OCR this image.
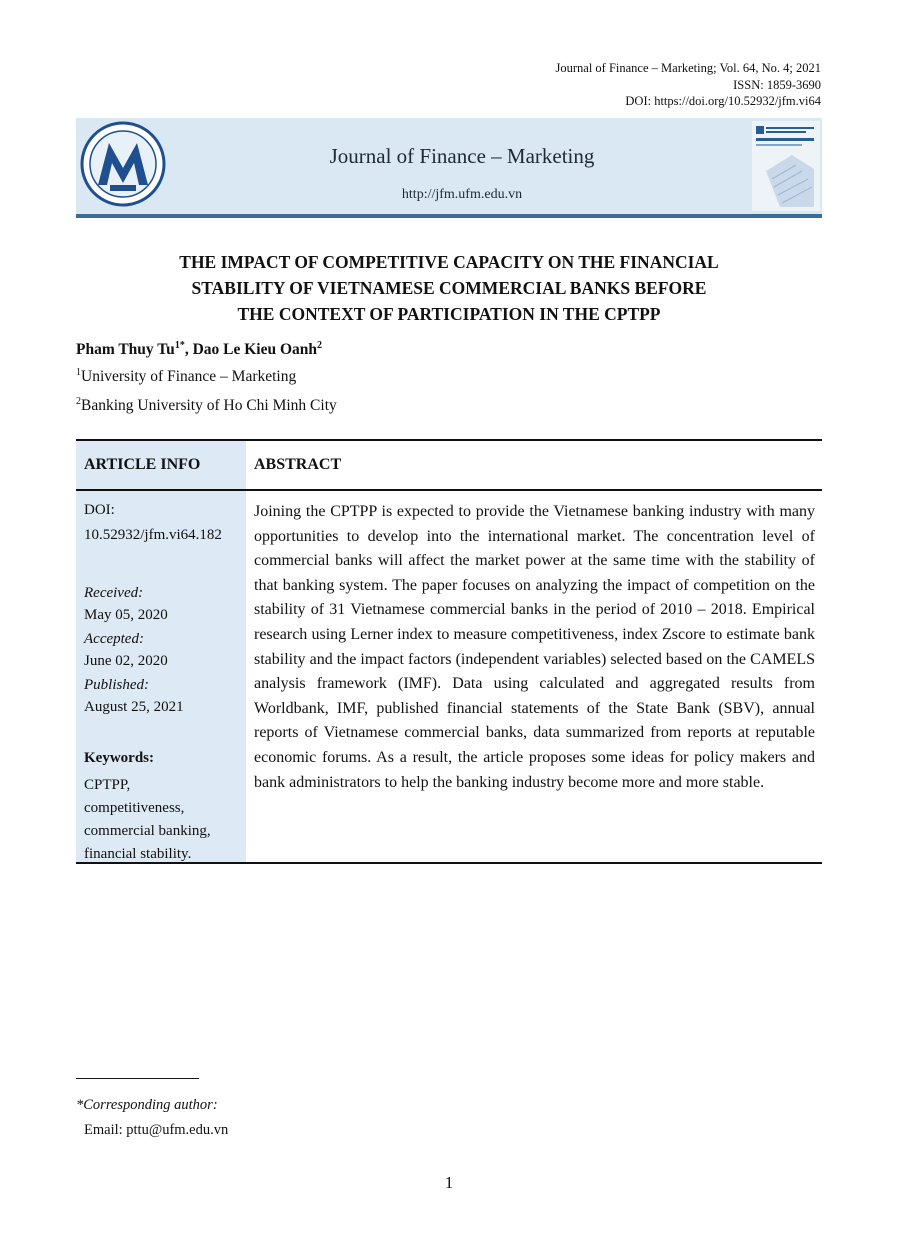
Journal of Finance – Marketing; Vol. 64, No. 4; 2021
ISSN: 1859-3690
DOI: https://doi.org/10.52932/jfm.vi64
Journal of Finance – Marketing
http://jfm.ufm.edu.vn
THE IMPACT OF COMPETITIVE CAPACITY ON THE FINANCIAL
STABILITY OF VIETNAMESE COMMERCIAL BANKS BEFORE
THE CONTEXT OF PARTICIPATION IN THE CPTPP
Pham Thuy $Tu^{1*}$, Dao Le Kieu Oanh$^2$
$^1$University of Finance – Marketing
$^2$Banking University of Ho Chi Minh City
ARTICLE INFO	ABSTRACT
DOI:
10.52932/jfm.vi64.182
Received:
May 05, 2020
Accepted:
June 02, 2020
Published:
August 25, 2021
Keywords:
CPTPP,
competitiveness,
commercial banking,
financial stability.
Joining the CPTPP is expected to provide the Vietnamese banking industry with many opportunities to develop into the international market. The concentration level of commercial banks will affect the market power at the same time with the stability of that banking system. The paper focuses on analyzing the impact of competition on the stability of 31 Vietnamese commercial banks in the period of 2010 – 2018. Empirical research using Lerner index to measure competitiveness, index Zscore to estimate bank stability and the impact factors (independent variables) selected based on the CAMELS analysis framework (IMF). Data using calculated and aggregated results from Worldbank, IMF, published financial statements of the State Bank (SBV), annual reports of Vietnamese commercial banks, data summarized from reports at reputable economic forums. As a result, the article proposes some ideas for policy makers and bank administrators to help the banking industry become more and more stable.
*Corresponding author:
Email: pttu@ufm.edu.vn
1
